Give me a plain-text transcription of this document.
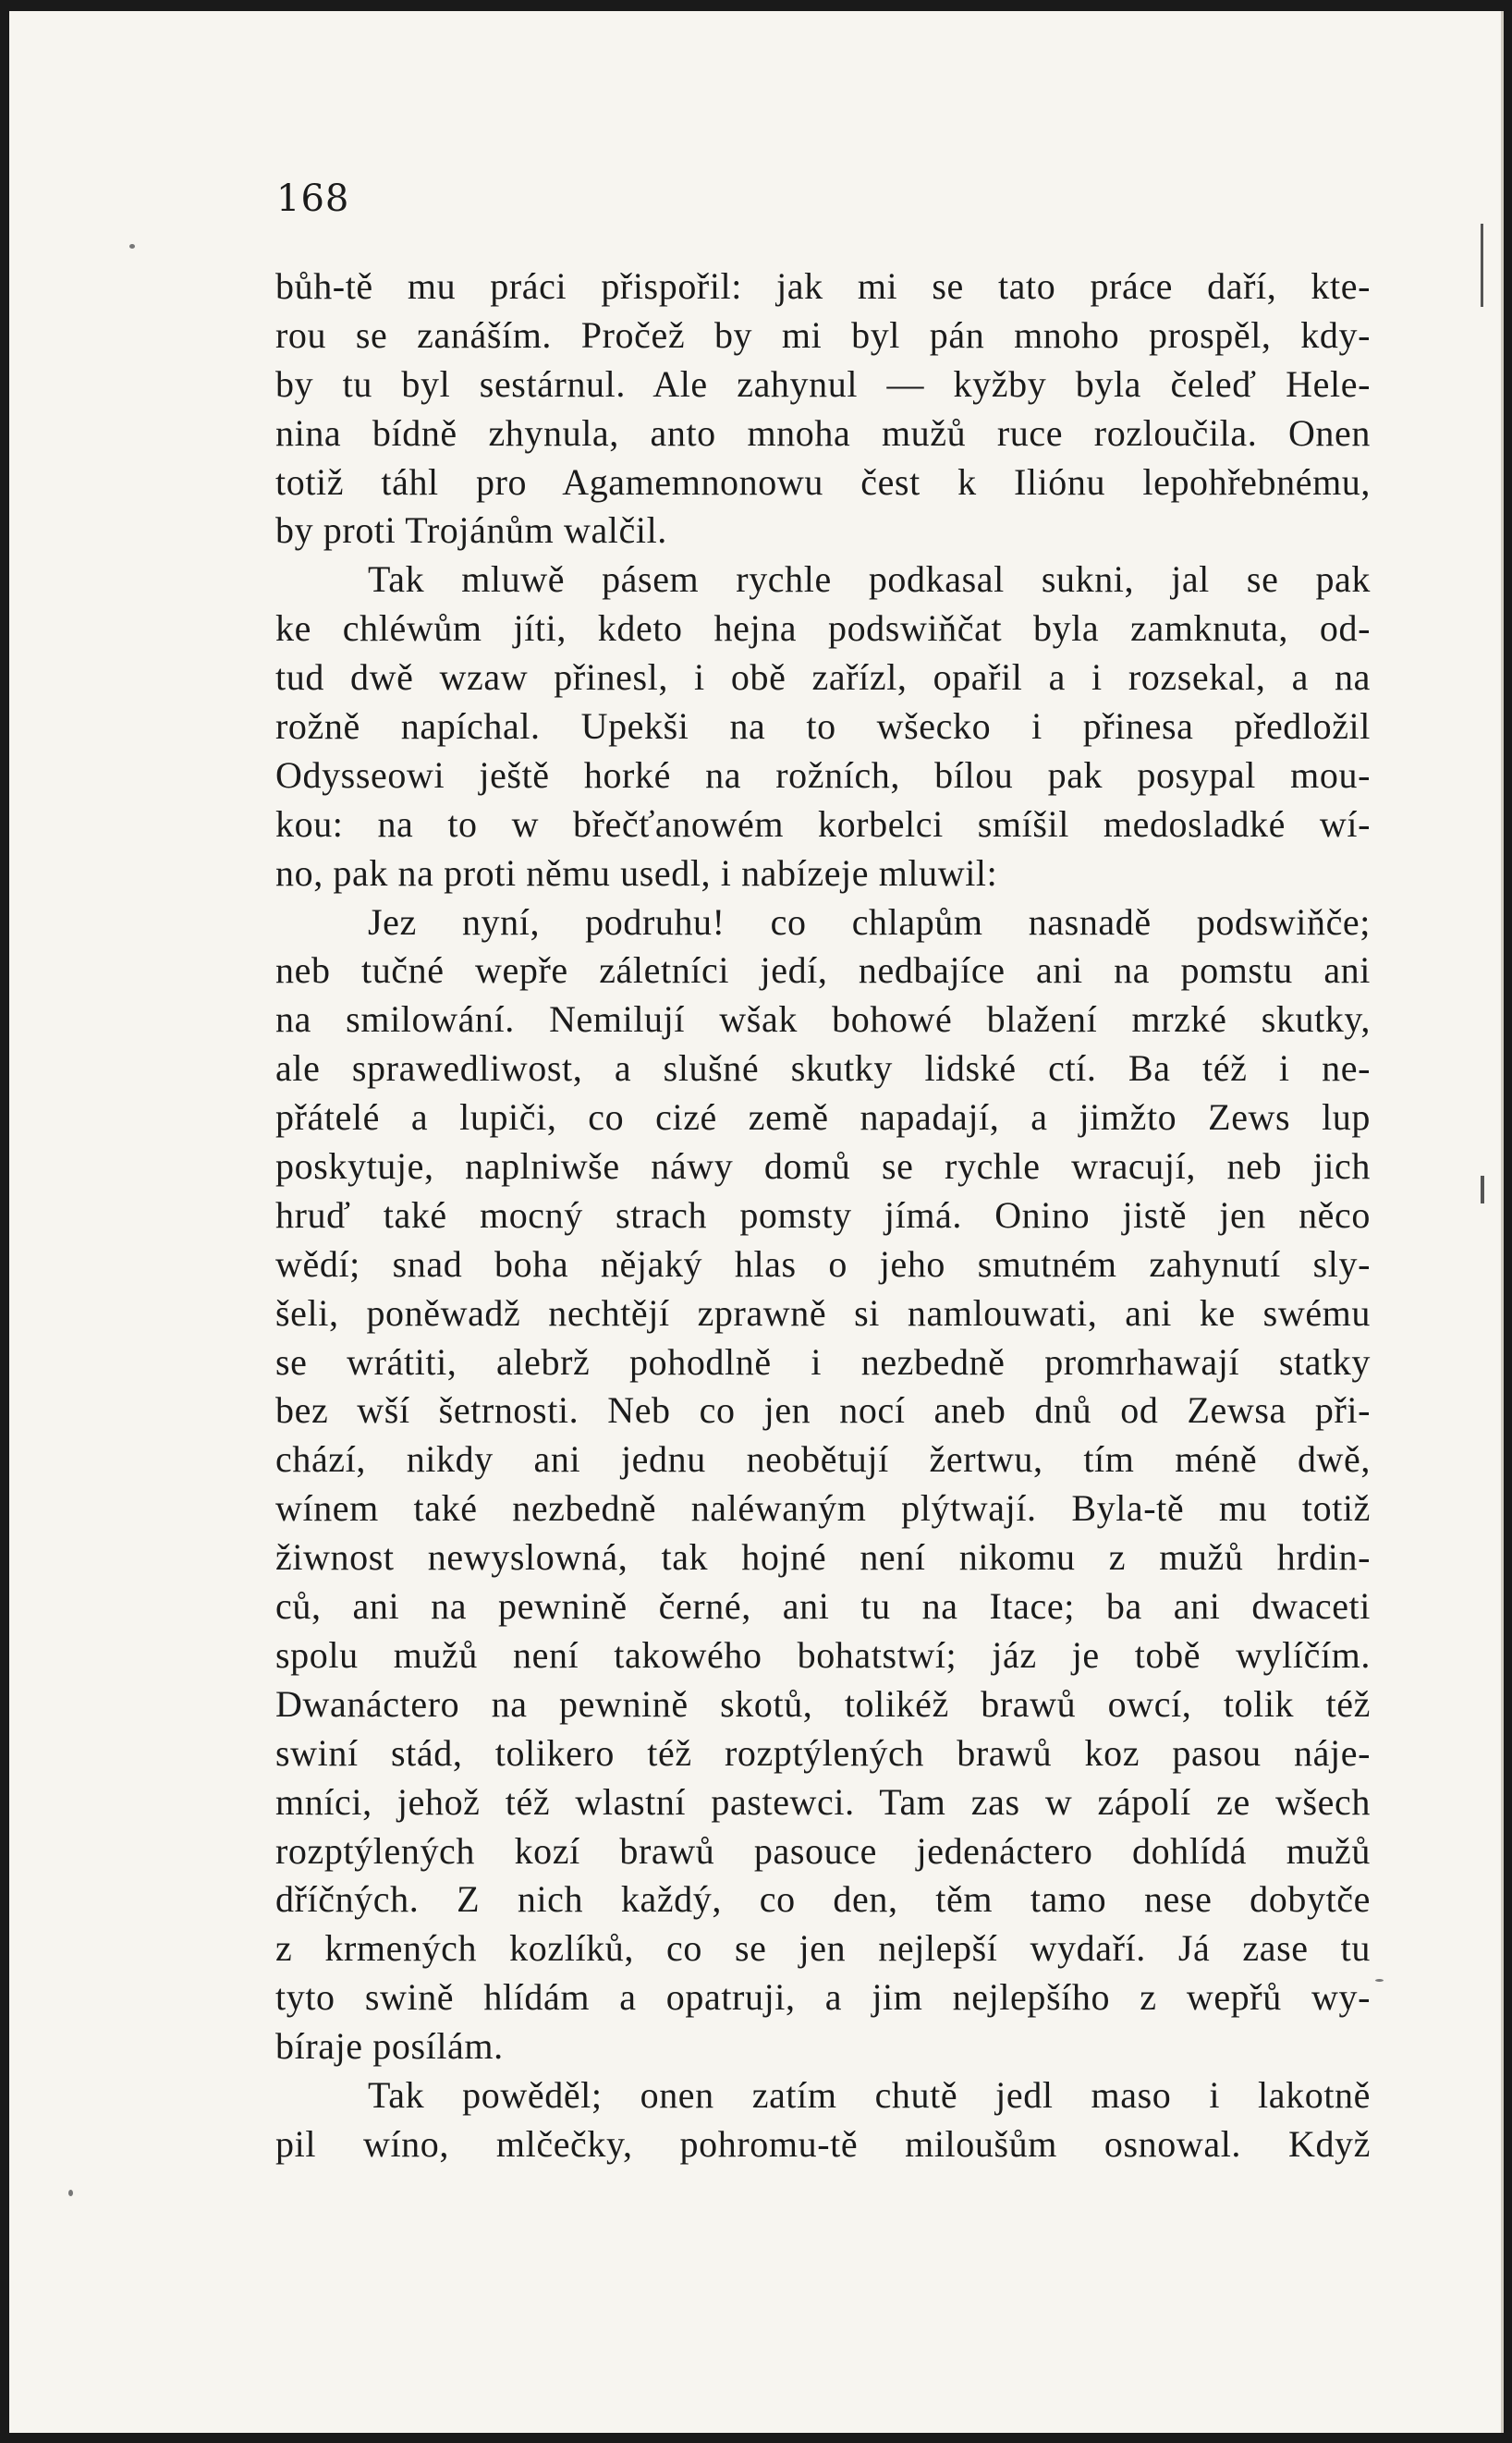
168
bůh-tě mu práci přispořil: jak mi se tato práce daří, kte-
rou se zanáším. Pročež by mi byl pán mnoho prospěl, kdy-
by tu byl sestárnul. Ale zahynul — kyžby byla čeleď Hele-
nina bídně zhynula, anto mnoha mužů ruce rozloučila. Onen
totiž táhl pro Agamemnonowu čest k Iliónu lepohřebnému,
by proti Trojánům walčil.
Tak mluwě pásem rychle podkasal sukni, jal se pak
ke chléwům jíti, kdeto hejna podswiňčat byla zamknuta, od-
tud dwě wzaw přinesl, i obě zařízl, opařil a i rozsekal, a na
rožně napíchal. Upekši na to wšecko i přinesa předložil
Odysseowi ještě horké na rožních, bílou pak posypal mou-
kou: na to w břečťanowém korbelci smíšil medosladké wí-
no, pak na proti němu usedl, i nabízeje mluwil:
Jez nyní, podruhu! co chlapům nasnadě podswiňče;
neb tučné wepře záletníci jedí, nedbajíce ani na pomstu ani
na smilowání. Nemilují wšak bohowé blažení mrzké skutky,
ale sprawedliwost, a slušné skutky lidské ctí. Ba též i ne-
přátelé a lupiči, co cizé země napadají, a jimžto Zews lup
poskytuje, naplniwše náwy domů se rychle wracují, neb jich
hruď také mocný strach pomsty jímá. Onino jistě jen něco
wědí; snad boha nějaký hlas o jeho smutném zahynutí sly-
šeli, poněwadž nechtějí zprawně si namlouwati, ani ke swému
se wrátiti, alebrž pohodlně i nezbedně promrhawají statky
bez wší šetrnosti. Neb co jen nocí aneb dnů od Zewsa při-
chází, nikdy ani jednu neobětují žertwu, tím méně dwě,
wínem také nezbedně naléwaným plýtwají. Byla-tě mu totiž
žiwnost newyslowná, tak hojné není nikomu z mužů hrdin-
ců, ani na pewnině černé, ani tu na Itace; ba ani dwaceti
spolu mužů není takowého bohatstwí; jáz je tobě wylíčím.
Dwanáctero na pewnině skotů, tolikéž brawů owcí, tolik též
swiní stád, tolikero též rozptýlených brawů koz pasou náje-
mníci, jehož též wlastní pastewci. Tam zas w zápolí ze wšech
rozptýlených kozí brawů pasouce jedenáctero dohlídá mužů
dříčných. Z nich každý, co den, těm tamo nese dobytče
z krmených kozlíků, co se jen nejlepší wydaří. Já zase tu
tyto swině hlídám a opatruji, a jim nejlepšího z wepřů wy-
bíraje posílám.
Tak powěděl; onen zatím chutě jedl maso i lakotně
pil wíno, mlčečky, pohromu-tě miloušům osnowal. Když
